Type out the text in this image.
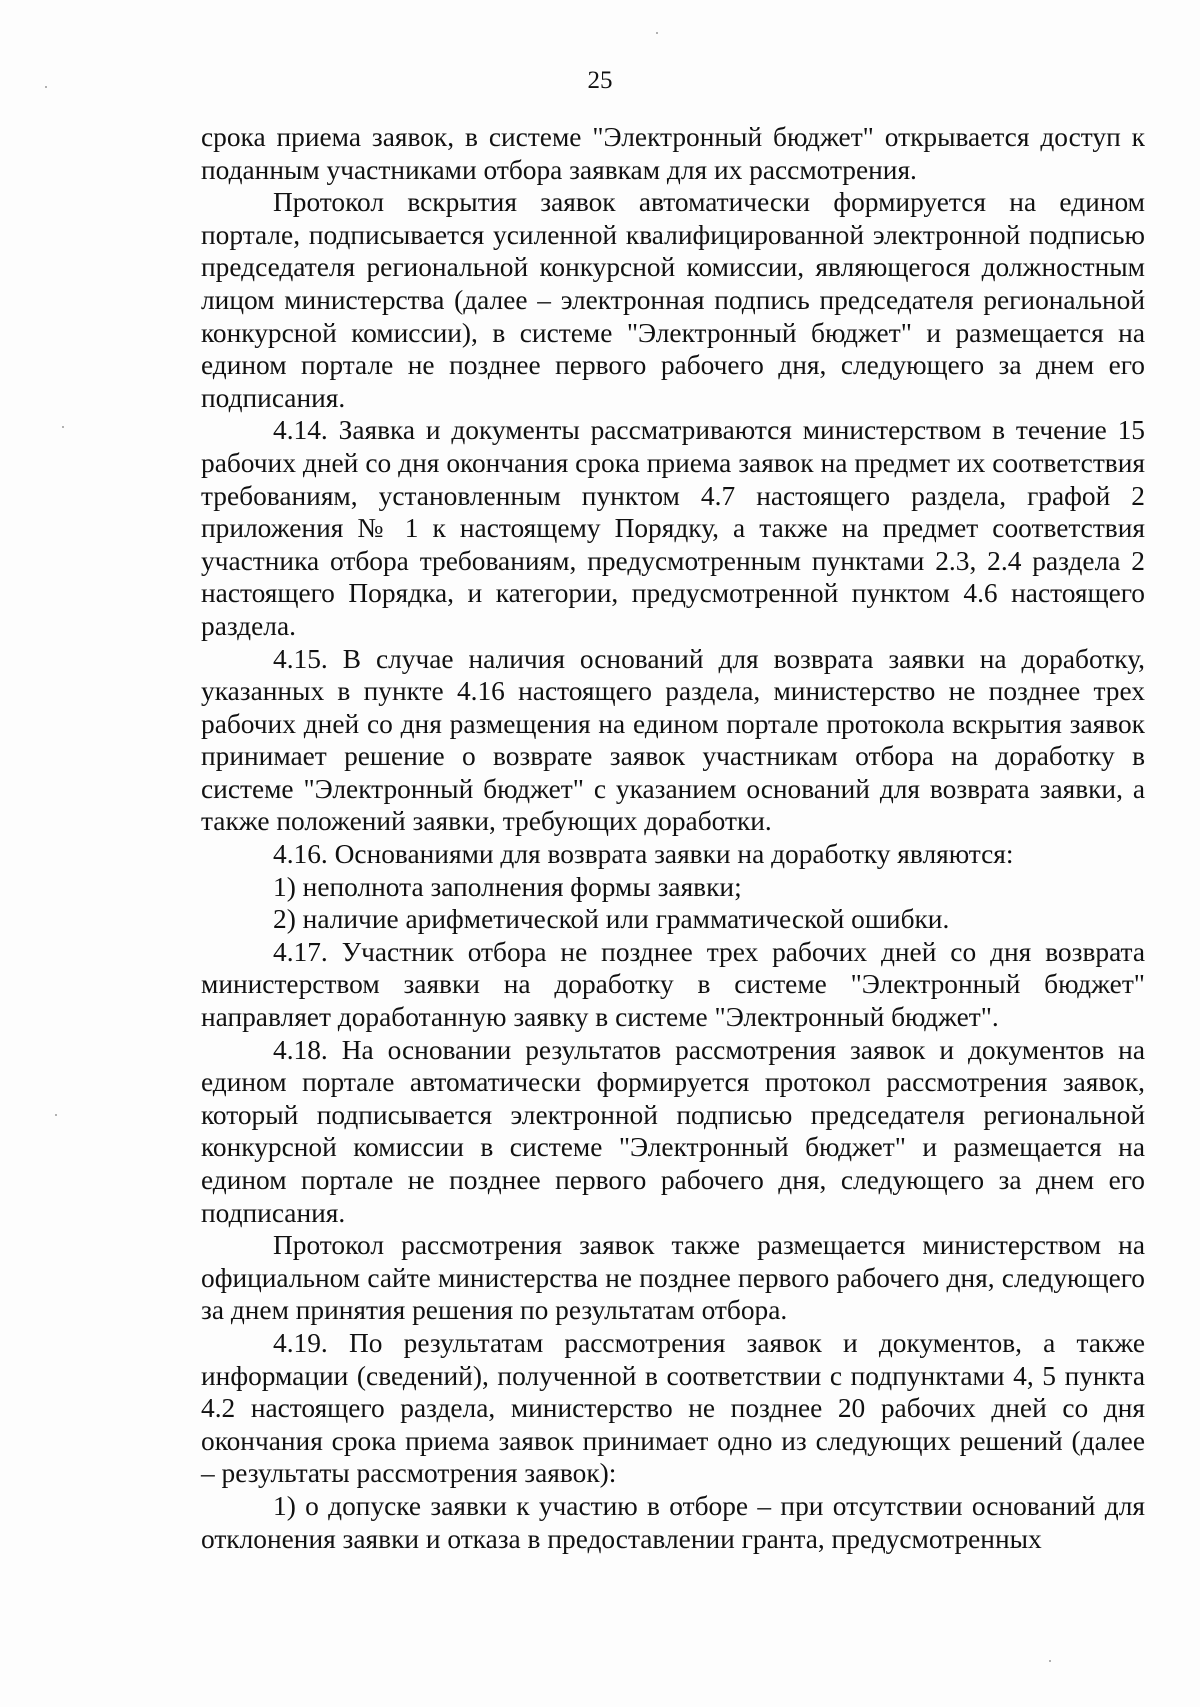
25

срока приема заявок, в системе "Электронный бюджет" открывается доступ к поданным участниками отбора заявкам для их рассмотрения.

Протокол вскрытия заявок автоматически формируется на едином портале, подписывается усиленной квалифицированной электронной подписью председателя региональной конкурсной комиссии, являющегося должностным лицом министерства (далее – электронная подпись председателя региональной конкурсной комиссии), в системе "Электронный бюджет" и размещается на едином портале не позднее первого рабочего дня, следующего за днем его подписания.

4.14. Заявка и документы рассматриваются министерством в течение 15 рабочих дней со дня окончания срока приема заявок на предмет их соответствия требованиям, установленным пунктом 4.7 настоящего раздела, графой 2 приложения № 1 к настоящему Порядку, а также на предмет соответствия участника отбора требованиям, предусмотренным пунктами 2.3, 2.4 раздела 2 настоящего Порядка, и категории, предусмотренной пунктом 4.6 настоящего раздела.

4.15. В случае наличия оснований для возврата заявки на доработку, указанных в пункте 4.16 настоящего раздела, министерство не позднее трех рабочих дней со дня размещения на едином портале протокола вскрытия заявок принимает решение о возврате заявок участникам отбора на доработку в системе "Электронный бюджет" с указанием оснований для возврата заявки, а также положений заявки, требующих доработки.

4.16. Основаниями для возврата заявки на доработку являются:

1) неполнота заполнения формы заявки;

2) наличие арифметической или грамматической ошибки.

4.17. Участник отбора не позднее трех рабочих дней со дня возврата министерством заявки на доработку в системе "Электронный бюджет" направляет доработанную заявку в системе "Электронный бюджет".

4.18. На основании результатов рассмотрения заявок и документов на едином портале автоматически формируется протокол рассмотрения заявок, который подписывается электронной подписью председателя региональной конкурсной комиссии в системе "Электронный бюджет" и размещается на едином портале не позднее первого рабочего дня, следующего за днем его подписания.

Протокол рассмотрения заявок также размещается министерством на официальном сайте министерства не позднее первого рабочего дня, следующего за днем принятия решения по результатам отбора.

4.19. По результатам рассмотрения заявок и документов, а также информации (сведений), полученной в соответствии с подпунктами 4, 5 пункта 4.2 настоящего раздела, министерство не позднее 20 рабочих дней со дня окончания срока приема заявок принимает одно из следующих решений (далее – результаты рассмотрения заявок):

1) о допуске заявки к участию в отборе – при отсутствии оснований для отклонения заявки и отказа в предоставлении гранта, предусмотренных
